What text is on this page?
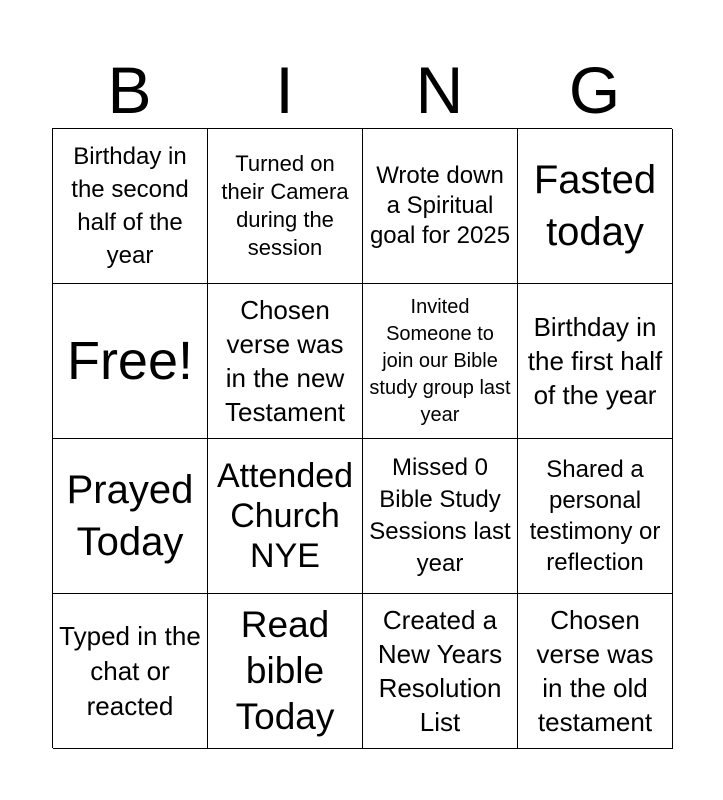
B	I	N	G
Birthday in the second half of the year
Turned on their Camera during the session
Wrote down a Spiritual goal for 2025
Fasted today
Free!
Chosen verse was in the new Testament
Invited Someone to join our Bible study group last year
Birthday in the first half of the year
Prayed Today
Attended Church NYE
Missed 0 Bible Study Sessions last year
Shared a personal testimony or reflection
Typed in the chat or reacted
Read bible Today
Created a New Years Resolution List
Chosen verse was in the old testament
